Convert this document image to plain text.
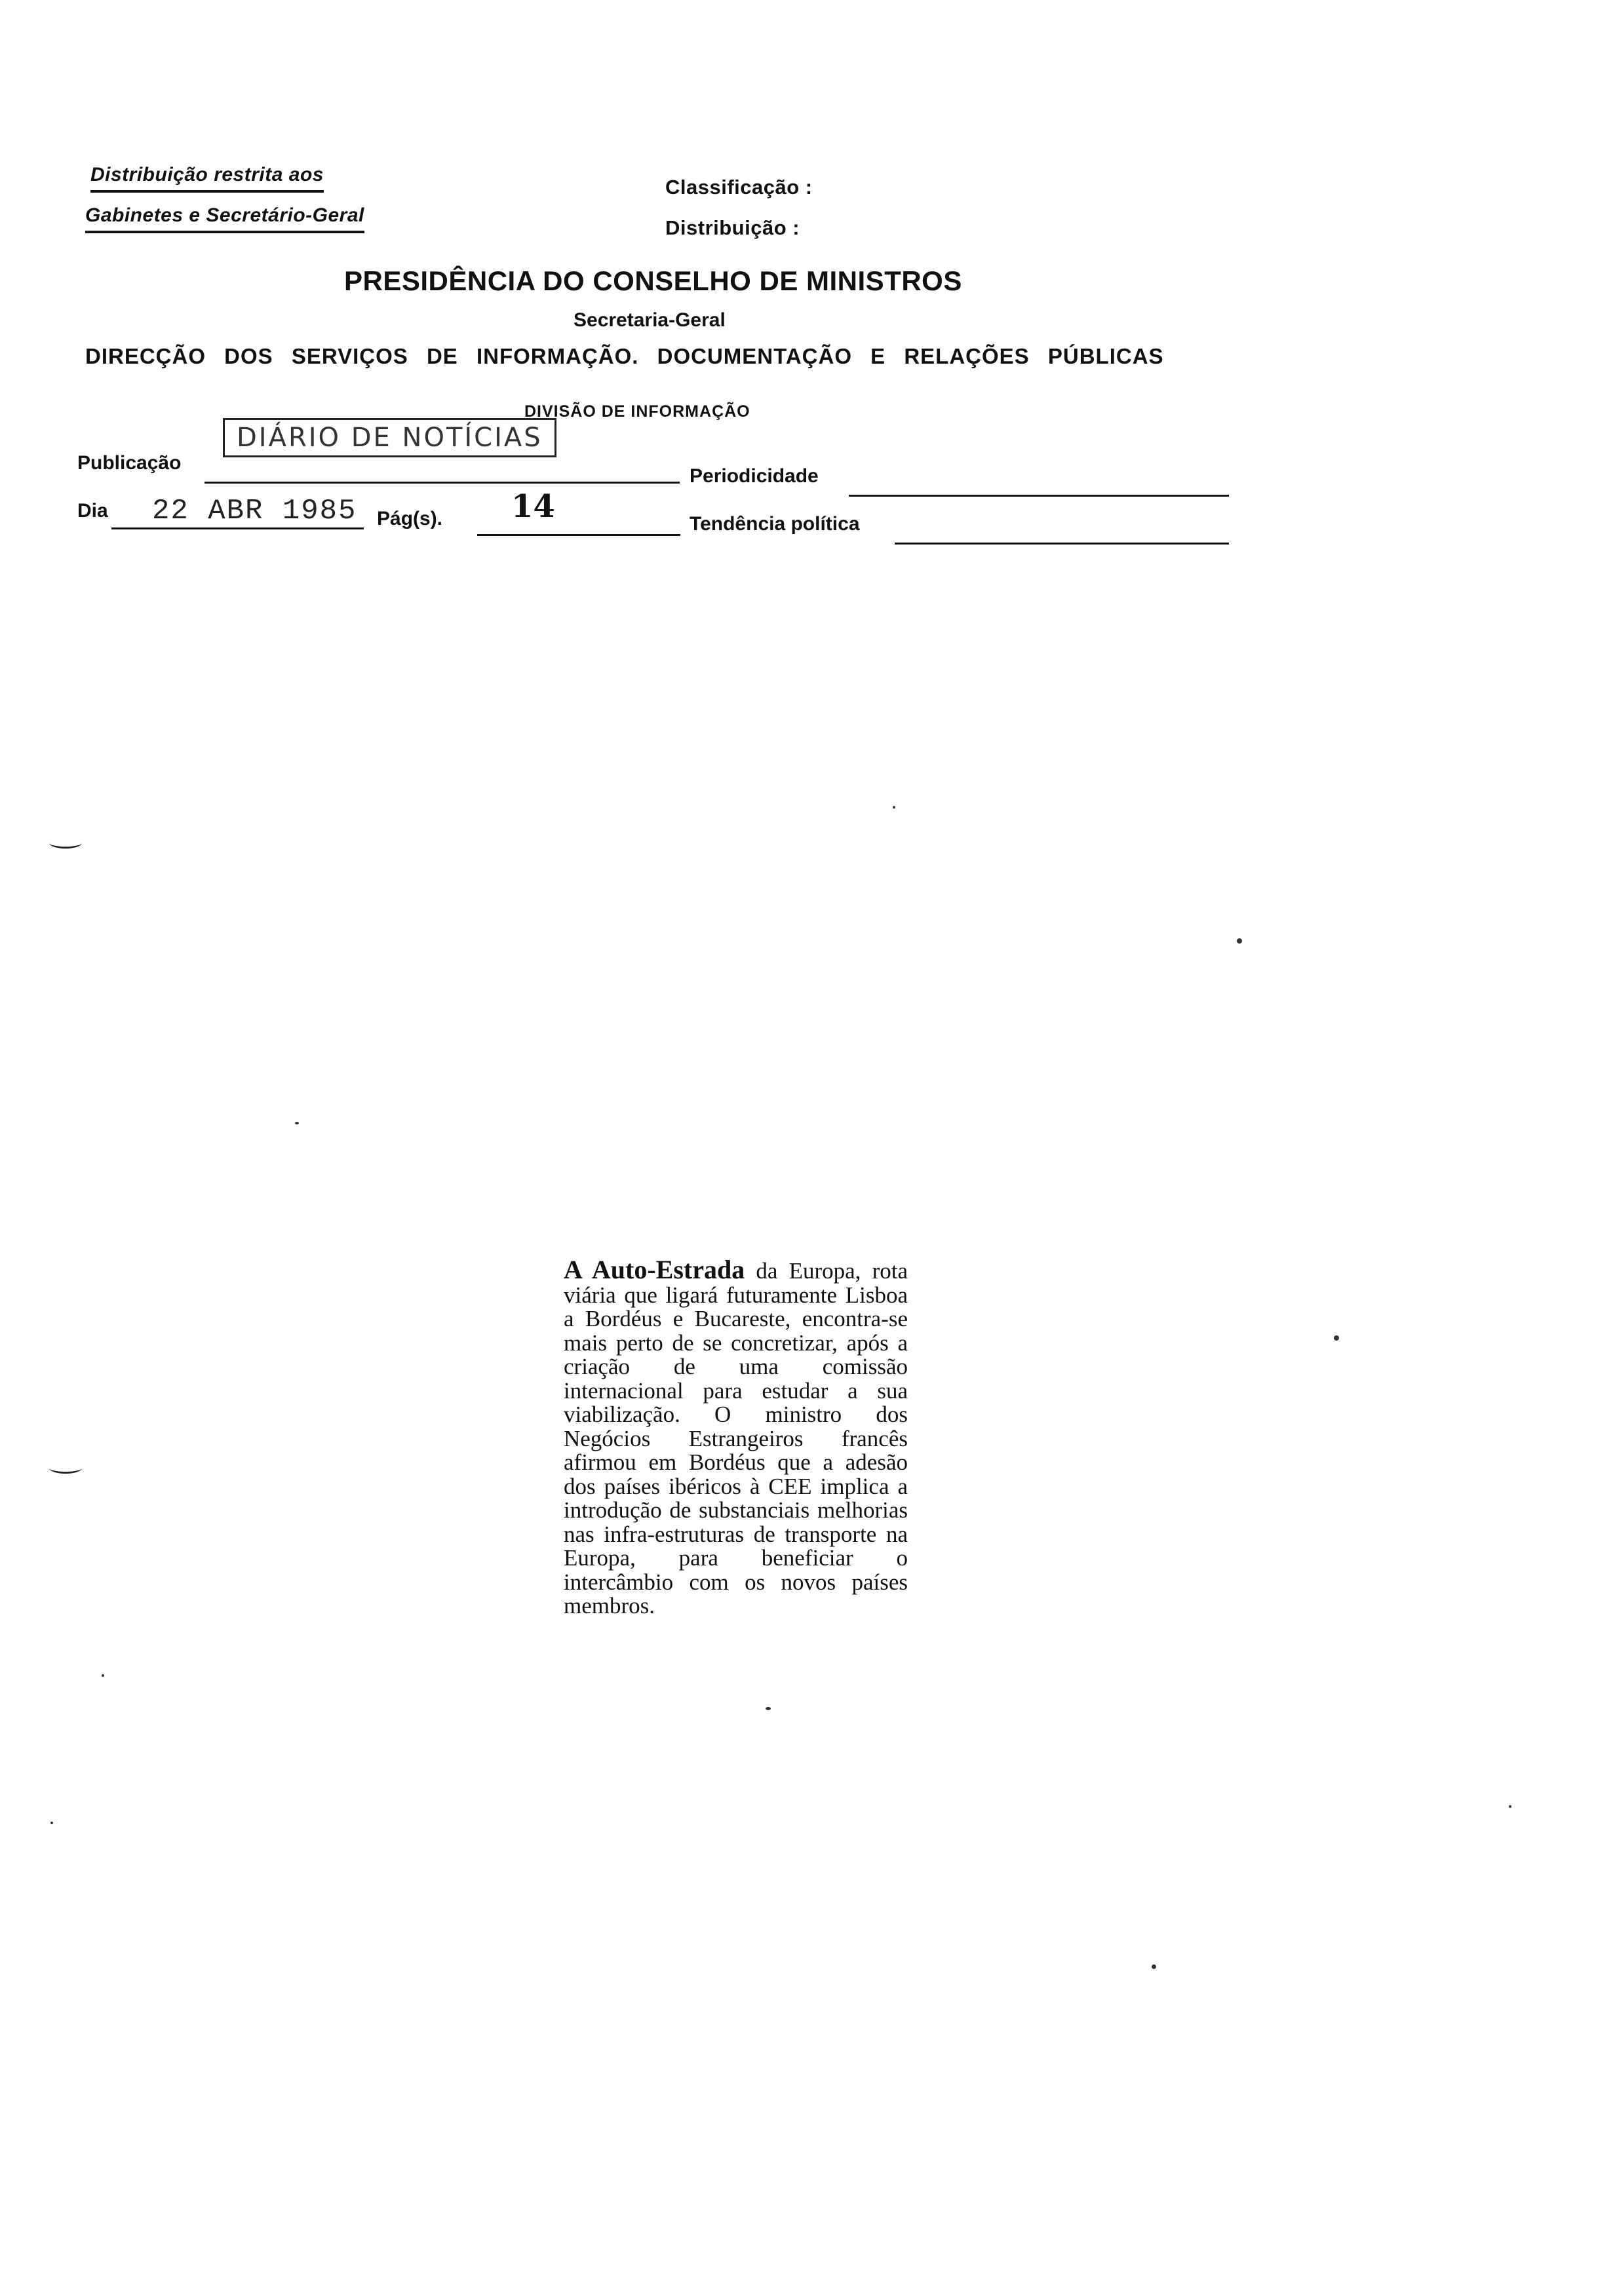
Distribuição restrita aos
Gabinetes e Secretário-Geral
Classificação :
Distribuição :
PRESIDÊNCIA DO CONSELHO DE MINISTROS
Secretaria-Geral
DIRECÇÃO DOS SERVIÇOS DE INFORMAÇÃO. DOCUMENTAÇÃO E RELAÇÕES PÚBLICAS
DIVISÃO DE INFORMAÇÃO
Publicação
DIÁRIO DE NOTÍCIAS
Periodicidade
Dia 22 ABR 1985 Pág(s). 14	Tendência política
A Auto-Estrada da Europa, rota viária que ligará futuramente Lisboa a Bordéus e Bucareste, encontra-se mais perto de se concretizar, após a criação de uma comissão internacional para estudar a sua viabilização. O ministro dos Negócios Estrangeiros francês afirmou em Bordéus que a adesão dos países ibéricos à CEE implica a introdução de substanciais melhorias nas infra-estruturas de transporte na Europa, para beneficiar o intercâmbio com os novos países membros.
